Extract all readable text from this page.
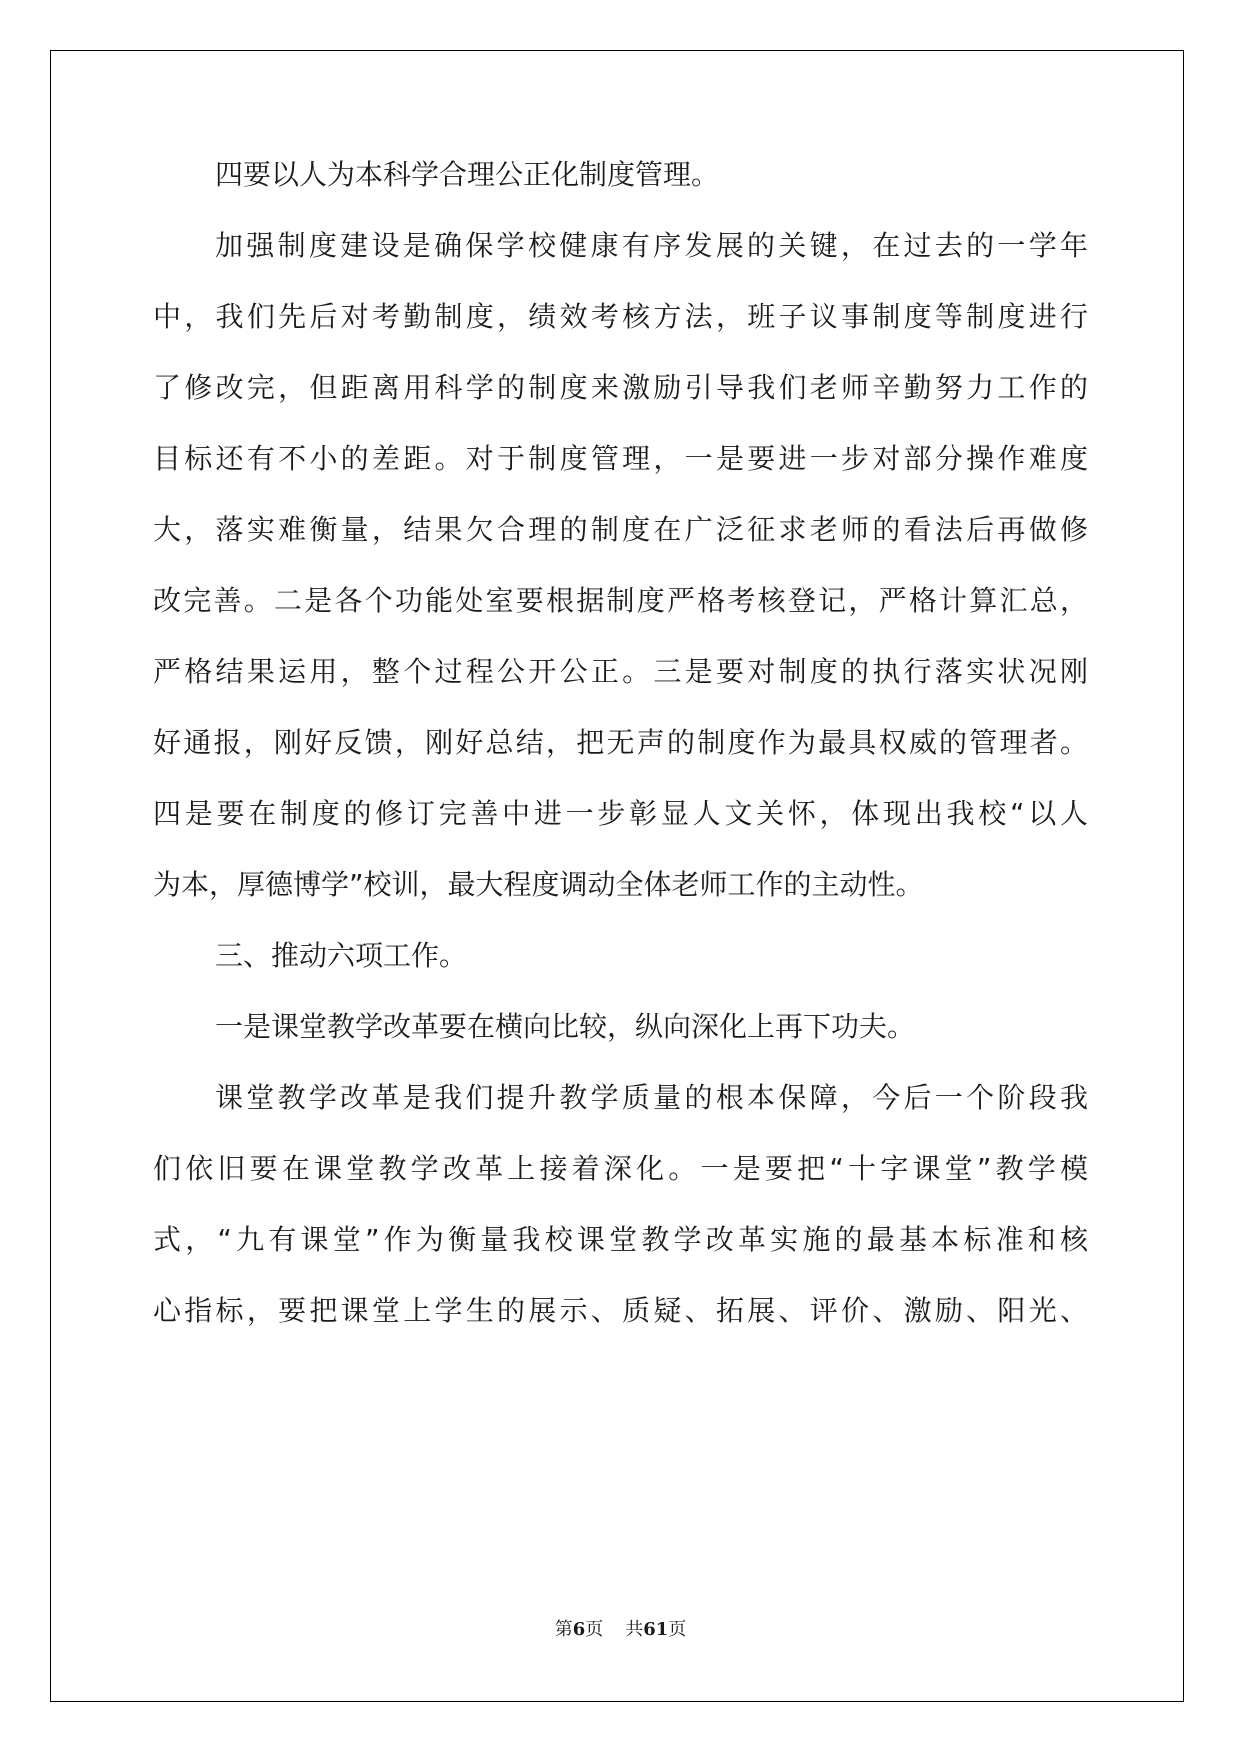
四要以人为本科学合理公正化制度管理。
加强制度建设是确保学校健康有序发展的关键，在过去的一学年
中，我们先后对考勤制度，绩效考核方法，班子议事制度等制度进行
了修改完，但距离用科学的制度来激励引导我们老师辛勤努力工作的
目标还有不小的差距。对于制度管理，一是要进一步对部分操作难度
大，落实难衡量，结果欠合理的制度在广泛征求老师的看法后再做修
改完善。二是各个功能处室要根据制度严格考核登记，严格计算汇总，
严格结果运用，整个过程公开公正。三是要对制度的执行落实状况刚
好通报，刚好反馈，刚好总结，把无声的制度作为最具权威的管理者。
四是要在制度的修订完善中进一步彰显人文关怀，体现出我校“以人
为本，厚德博学”校训，最大程度调动全体老师工作的主动性。
三、推动六项工作。
一是课堂教学改革要在横向比较，纵向深化上再下功夫。
课堂教学改革是我们提升教学质量的根本保障，今后一个阶段我
们依旧要在课堂教学改革上接着深化。一是要把“十字课堂”教学模
式，“九有课堂”作为衡量我校课堂教学改革实施的最基本标准和核
心指标，要把课堂上学生的展示、质疑、拓展、评价、激励、阳光、
第6页 共61页
